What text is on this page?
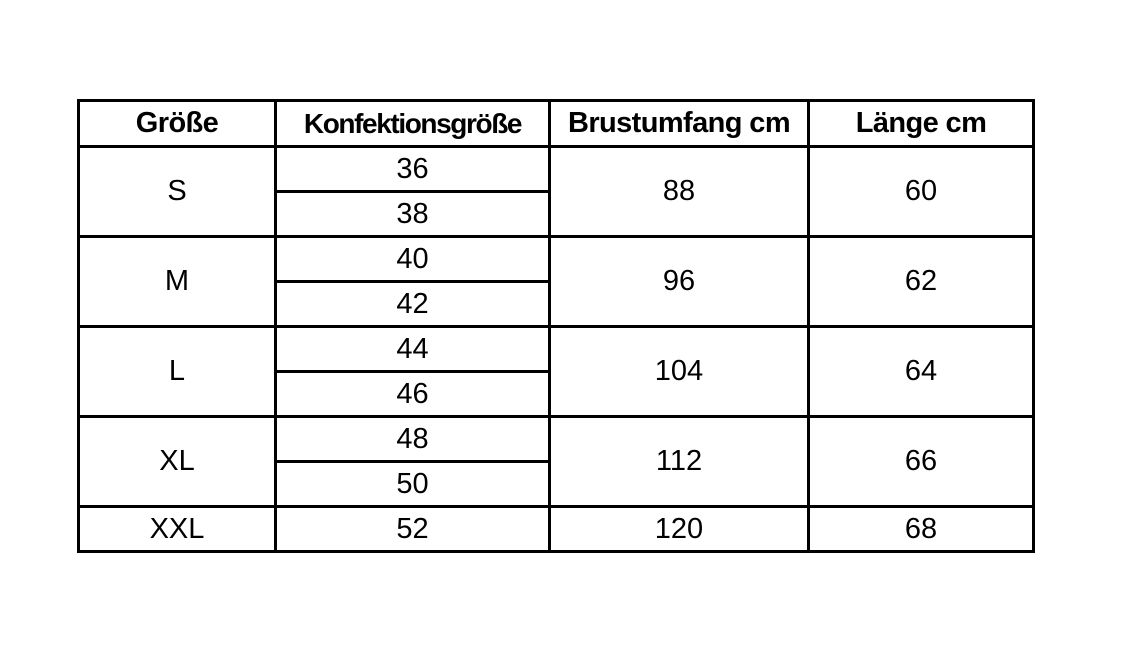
Größe	Konfektionsgröße	Brustumfang cm	Länge cm
S	36	88	60
	38		
M	40	96	62
	42		
L	44	104	64
	46		
XL	48	112	66
	50		
XXL	52	120	68
